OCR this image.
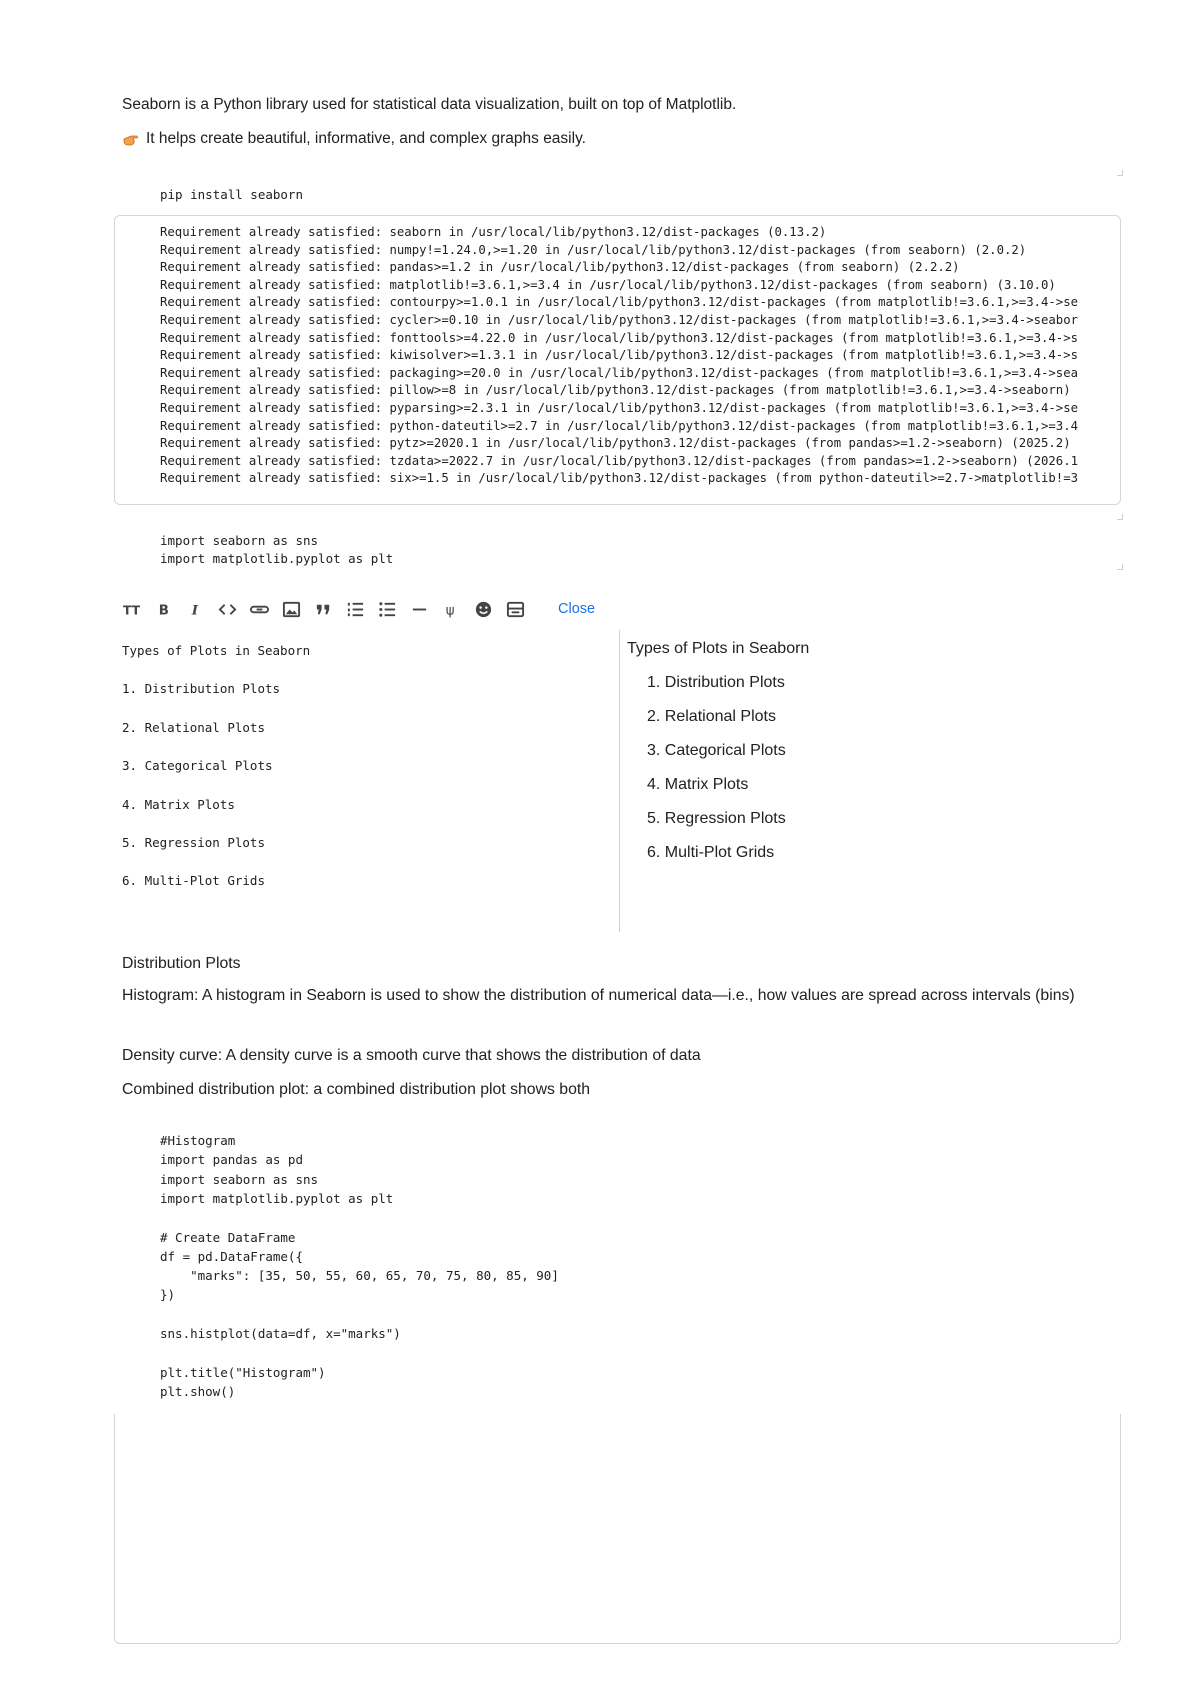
Seaborn is a Python library used for statistical data visualization, built on top of Matplotlib.
It helps create beautiful, informative, and complex graphs easily.
pip install seaborn
Requirement already satisfied: seaborn in /usr/local/lib/python3.12/dist-packages (0.13.2)
Requirement already satisfied: numpy!=1.24.0,>=1.20 in /usr/local/lib/python3.12/dist-packages (from seaborn) (2.0.2)
Requirement already satisfied: pandas>=1.2 in /usr/local/lib/python3.12/dist-packages (from seaborn) (2.2.2)
Requirement already satisfied: matplotlib!=3.6.1,>=3.4 in /usr/local/lib/python3.12/dist-packages (from seaborn) (3.10.0)
Requirement already satisfied: contourpy>=1.0.1 in /usr/local/lib/python3.12/dist-packages (from matplotlib!=3.6.1,>=3.4->se
Requirement already satisfied: cycler>=0.10 in /usr/local/lib/python3.12/dist-packages (from matplotlib!=3.6.1,>=3.4->seabor
Requirement already satisfied: fonttools>=4.22.0 in /usr/local/lib/python3.12/dist-packages (from matplotlib!=3.6.1,>=3.4->s
Requirement already satisfied: kiwisolver>=1.3.1 in /usr/local/lib/python3.12/dist-packages (from matplotlib!=3.6.1,>=3.4->s
Requirement already satisfied: packaging>=20.0 in /usr/local/lib/python3.12/dist-packages (from matplotlib!=3.6.1,>=3.4->sea
Requirement already satisfied: pillow>=8 in /usr/local/lib/python3.12/dist-packages (from matplotlib!=3.6.1,>=3.4->seaborn)
Requirement already satisfied: pyparsing>=2.3.1 in /usr/local/lib/python3.12/dist-packages (from matplotlib!=3.6.1,>=3.4->se
Requirement already satisfied: python-dateutil>=2.7 in /usr/local/lib/python3.12/dist-packages (from matplotlib!=3.6.1,>=3.4
Requirement already satisfied: pytz>=2020.1 in /usr/local/lib/python3.12/dist-packages (from pandas>=1.2->seaborn) (2025.2)
Requirement already satisfied: tzdata>=2022.7 in /usr/local/lib/python3.12/dist-packages (from pandas>=1.2->seaborn) (2026.1
Requirement already satisfied: six>=1.5 in /usr/local/lib/python3.12/dist-packages (from python-dateutil>=2.7->matplotlib!=3
import seaborn as sns
import matplotlib.pyplot as plt
TT B I	ψ	Close
Types of Plots in Seaborn
1. Distribution Plots
2. Relational Plots
3. Categorical Plots
4. Matrix Plots
5. Regression Plots
6. Multi-Plot Grids
Types of Plots in Seaborn
1. Distribution Plots
2. Relational Plots
3. Categorical Plots
4. Matrix Plots
5. Regression Plots
6. Multi-Plot Grids
Distribution Plots
Histogram: A histogram in Seaborn is used to show the distribution of numerical data—i.e., how values are spread across intervals (bins)
Density curve: A density curve is a smooth curve that shows the distribution of data
Combined distribution plot: a combined distribution plot shows both
#Histogram
import pandas as pd
import seaborn as sns
import matplotlib.pyplot as plt
# Create DataFrame
df = pd.DataFrame({
"marks": [35, 50, 55, 60, 65, 70, 75, 80, 85, 90]
})
sns.histplot(data=df, x="marks")
plt.title("Histogram")
plt.show()
